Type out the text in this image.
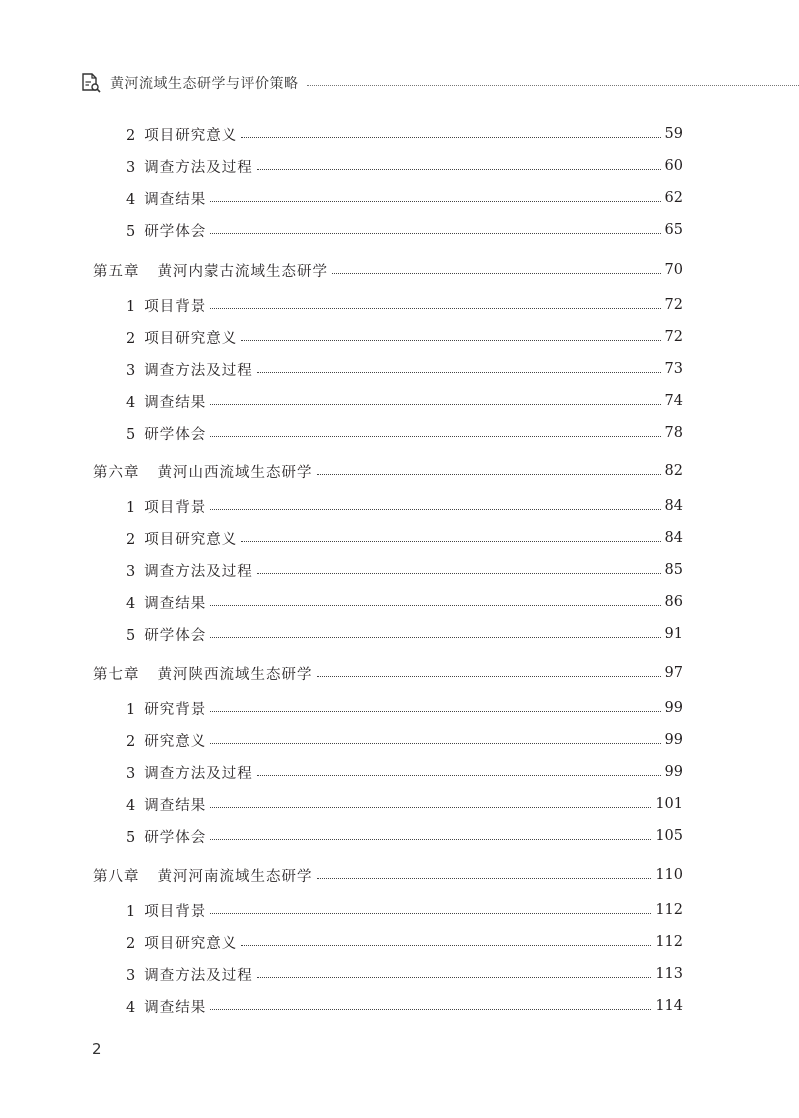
黄河流域生态研学与评价策略
2 项目研究意义	59
3 调查方法及过程	60
4 调查结果	62
5 研学体会	65
第五章 黄河内蒙古流域生态研学	70
1 项目背景	72
2 项目研究意义	72
3 调查方法及过程	73
4 调查结果	74
5 研学体会	78
第六章 黄河山西流域生态研学	82
1 项目背景	84
2 项目研究意义	84
3 调查方法及过程	85
4 调查结果	86
5 研学体会	91
第七章 黄河陕西流域生态研学	97
1 研究背景	99
2 研究意义	99
3 调查方法及过程	99
4 调查结果	101
5 研学体会	105
第八章 黄河河南流域生态研学	110
1 项目背景	112
2 项目研究意义	112
3 调查方法及过程	113
4 调查结果	114
2
